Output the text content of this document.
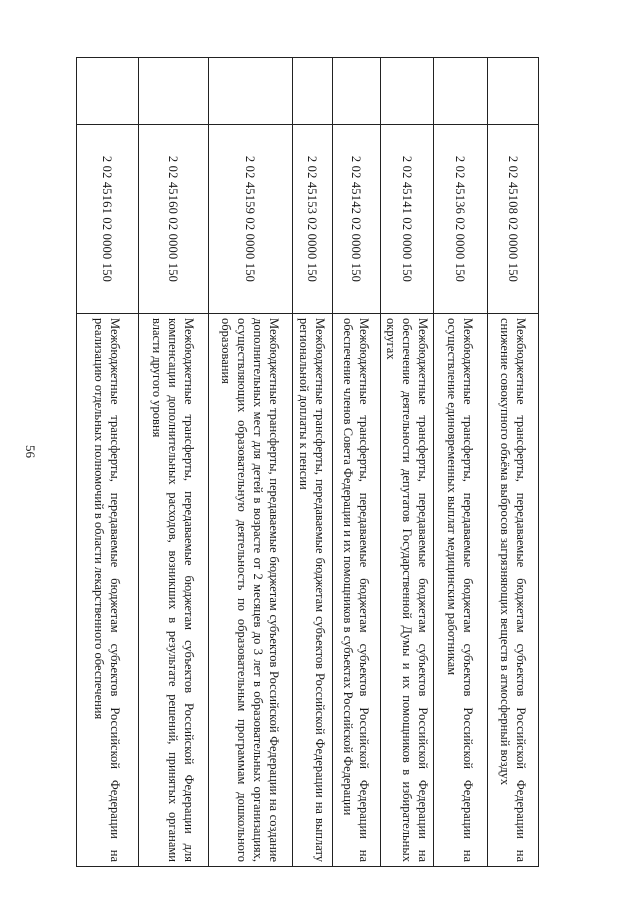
56
	2 02 45108 02 0000 150	Межбюджетные трансферты, передаваемые бюджетам субъектов Российской Федерации на снижение совокупного объёма выбросов загрязняющих веществ в атмосферный воздух
	2 02 45136 02 0000 150	Межбюджетные трансферты, передаваемые бюджетам субъектов Российской Федерации на осуществление единовременных выплат медицинским работникам
	2 02 45141 02 0000 150	Межбюджетные трансферты, передаваемые бюджетам субъектов Российской Федерации на обеспечение деятельности депутатов Государственной Думы и их помощников в избирательных округах
	2 02 45142 02 0000 150	Межбюджетные трансферты, передаваемые бюджетам субъектов Российской Федерации на обеспечение членов Совета Федерации и их помощников в субъектах Российской Федерации
	2 02 45153 02 0000 150	Межбюджетные трансферты, передаваемые бюджетам субъектов Российской Федерации на выплату региональной доплаты к пенсии
	2 02 45159 02 0000 150	Межбюджетные трансферты, передаваемые бюджетам субъектов Российской Федерации на создание дополнительных мест для детей в возрасте от 2 месяцев до 3 лет в образовательных организациях, осуществляющих образовательную деятельность по образовательным программам дошкольного образования
	2 02 45160 02 0000 150	Межбюджетные трансферты, передаваемые бюджетам субъектов Российской Федерации для компенсации дополнительных расходов, возникших в результате решений, принятых органами власти другого уровня
	2 02 45161 02 0000 150	Межбюджетные трансферты, передаваемые бюджетам субъектов Российской Федерации на реализацию отдельных полномочий в области лекарственного обеспечения
